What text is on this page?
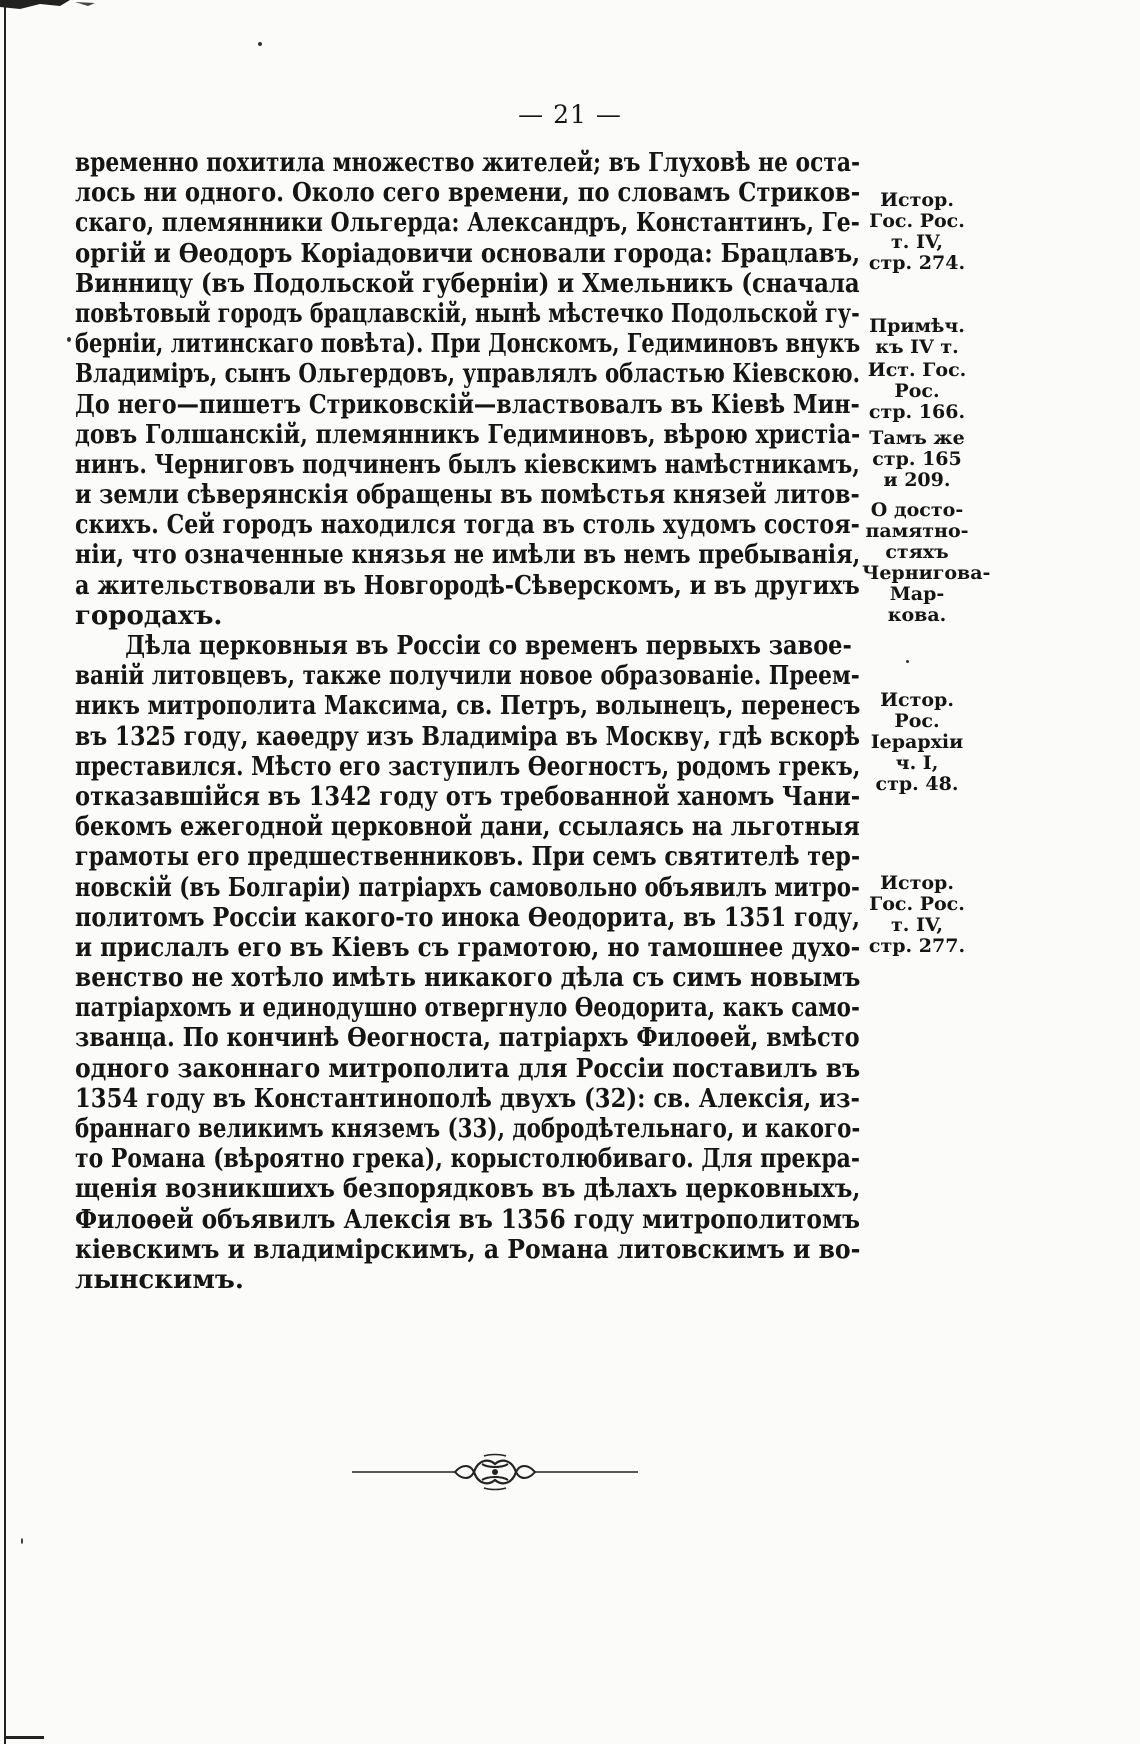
— 21 —
временно похитила множество жителей; въ Глуховѣ не оста-
лось ни одного. Около сего времени, по словамъ Стриков-
скаго, племянники Ольгерда: Александръ, Константинъ, Ге-
оргій и Ѳеодоръ Коріадовичи основали города: Брацлавъ,
Винницу (въ Подольской губерніи) и Хмельникъ (сначала
повѣтовый городъ брацлавскій, нынѣ мѣстечко Подольской гу-
берніи, литинскаго повѣта). При Донскомъ, Гедиминовъ внукъ
Владиміръ, сынъ Ольгердовъ, управлялъ областью Кіевскою.
До него—пишетъ Стриковскій—властвовалъ въ Кіевѣ Мин-
довъ Голшанскій, племянникъ Гедиминовъ, вѣрою христіа-
нинъ. Черниговъ подчиненъ былъ кіевскимъ намѣстникамъ,
и земли сѣверянскія обращены въ помѣстья князей литов-
скихъ. Сей городъ находился тогда въ столь худомъ состоя-
ніи, что означенные князья не имѣли въ немъ пребыванія,
а жительствовали въ Новгородѣ-Сѣверскомъ, и въ другихъ
городахъ.
Дѣла церковныя въ Россіи со временъ первыхъ завое-
ваній литовцевъ, также получили новое образованіе. Преем-
никъ митрополита Максима, св. Петръ, волынецъ, перенесъ
въ 1325 году, каѳедру изъ Владиміра въ Москву, гдѣ вскорѣ
преставился. Мѣсто его заступилъ Ѳеогностъ, родомъ грекъ,
отказавшійся въ 1342 году отъ требованной ханомъ Чани-
бекомъ ежегодной церковной дани, ссылаясь на льготныя
грамоты его предшественниковъ. При семъ святителѣ тер-
новскій (въ Болгаріи) патріархъ самовольно объявилъ митро-
политомъ Россіи какого-то инока Ѳеодорита, въ 1351 году,
и прислалъ его въ Кіевъ съ грамотою, но тамошнее духо-
венство не хотѣло имѣть никакого дѣла съ симъ новымъ
патріархомъ и единодушно отвергнуло Ѳеодорита, какъ само-
званца. По кончинѣ Ѳеогноста, патріархъ Филоѳей, вмѣсто
одного законнаго митрополита для Россіи поставилъ въ
1354 году въ Константинополѣ двухъ (32): св. Алексія, из-
браннаго великимъ княземъ (33), добродѣтельнаго, и какого-
то Романа (вѣроятно грека), корыстолюбиваго. Для прекра-
щенія возникшихъ безпорядковъ въ дѣлахъ церковныхъ,
Филоѳей объявилъ Алексія въ 1356 году митрополитомъ
кіевскимъ и владимірскимъ, а Романа литовскимъ и во-
лынскимъ.
Истор.
Гос. Рос.
т. IV,
стр. 274.
Примѣч.
къ IV т.
Ист. Гос.
Рос.
стр. 166.
Тамъ же
стр. 165
и 209.
О досто-
памятно-
стяхъ
Чернигова-
Мар-
кова.
Истор.
Рос.
Іерархіи
ч. I,
стр. 48.
Истор.
Гос. Рос.
т. IV,
стр. 277.
